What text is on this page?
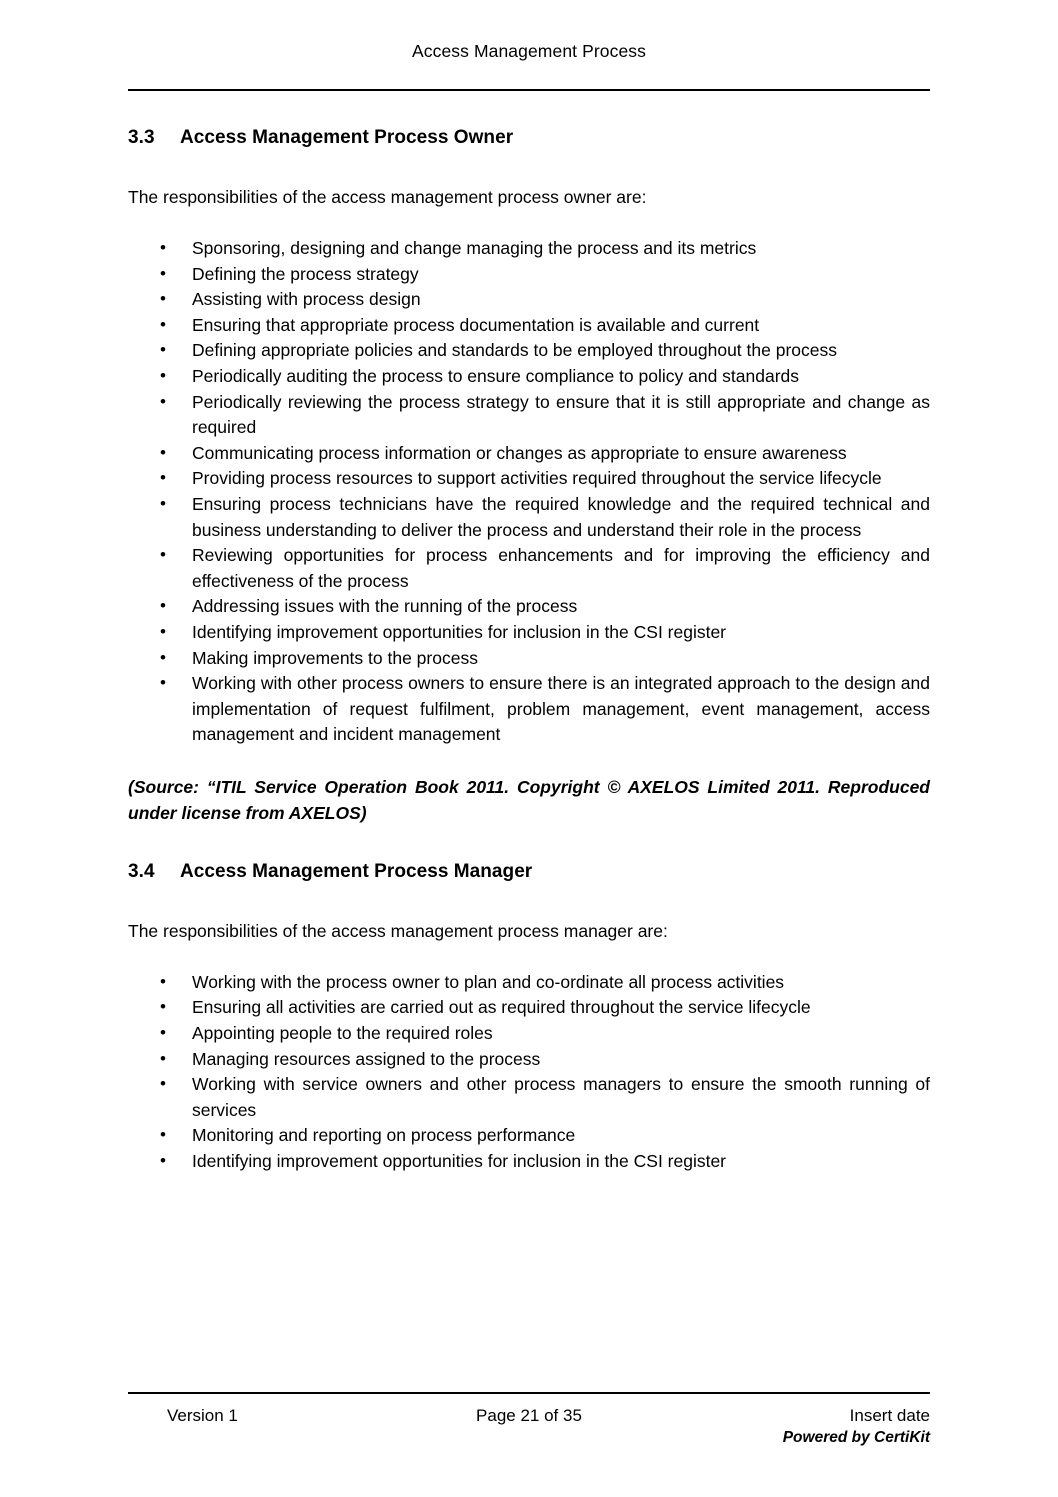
Access Management Process
3.3	Access Management Process Owner

The responsibilities of the access management process owner are:

• Sponsoring, designing and change managing the process and its metrics
• Defining the process strategy
• Assisting with process design
• Ensuring that appropriate process documentation is available and current
• Defining appropriate policies and standards to be employed throughout the process
• Periodically auditing the process to ensure compliance to policy and standards
• Periodically reviewing the process strategy to ensure that it is still appropriate and change as required
• Communicating process information or changes as appropriate to ensure awareness
• Providing process resources to support activities required throughout the service lifecycle
• Ensuring process technicians have the required knowledge and the required technical and business understanding to deliver the process and understand their role in the process
• Reviewing opportunities for process enhancements and for improving the efficiency and effectiveness of the process
• Addressing issues with the running of the process
• Identifying improvement opportunities for inclusion in the CSI register
• Making improvements to the process
• Working with other process owners to ensure there is an integrated approach to the design and implementation of request fulfilment, problem management, event management, access management and incident management

(Source: “ITIL Service Operation Book 2011. Copyright © AXELOS Limited 2011. Reproduced under license from AXELOS)

3.4	Access Management Process Manager

The responsibilities of the access management process manager are:

• Working with the process owner to plan and co-ordinate all process activities
• Ensuring all activities are carried out as required throughout the service lifecycle
• Appointing people to the required roles
• Managing resources assigned to the process
• Working with service owners and other process managers to ensure the smooth running of services
• Monitoring and reporting on process performance
• Identifying improvement opportunities for inclusion in the CSI register
Version 1	Page 21 of 35	Insert date
Powered by CertiKit
